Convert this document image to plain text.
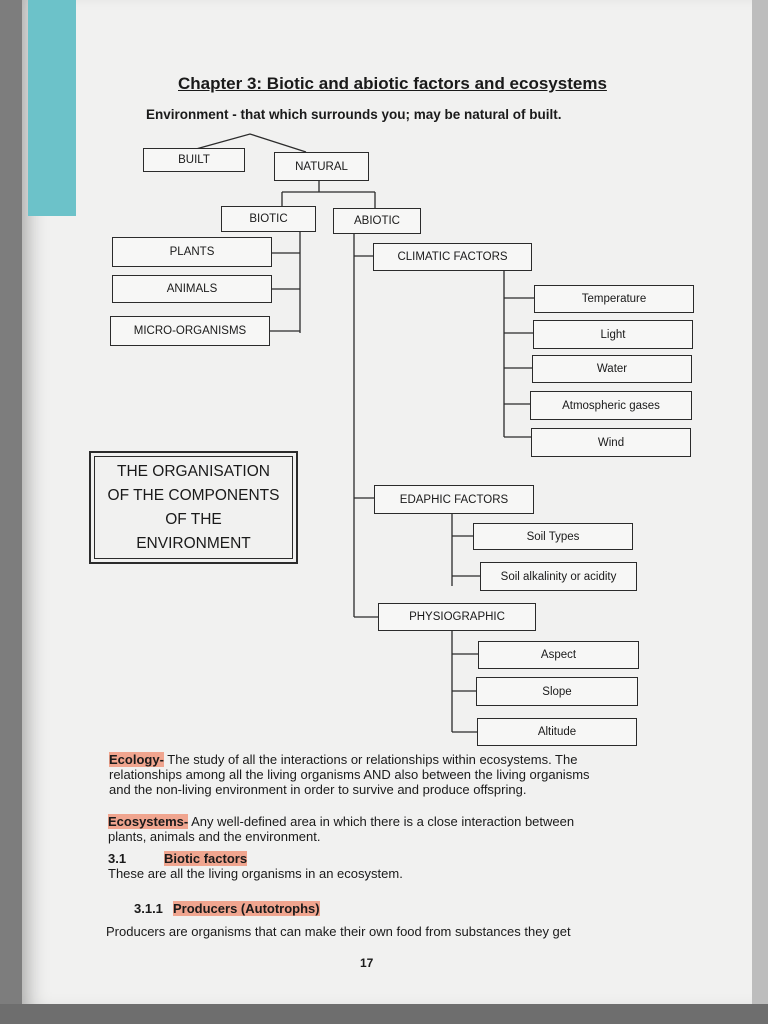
Chapter 3: Biotic and abiotic factors and ecosystems
Environment - that which surrounds you; may be natural of built.
BUILT
NATURAL
BIOTIC	ABIOTIC
PLANTS
ANIMALS
MICRO-ORGANISMS
CLIMATIC FACTORS
Temperature
Light
Water
Atmospheric gases
Wind
THE ORGANISATION
OF THE COMPONENTS
OF THE
ENVIRONMENT
EDAPHIC FACTORS
Soil Types
Soil alkalinity or acidity
PHYSIOGRAPHIC
Aspect
Slope
Altitude
Ecology- The study of all the interactions or relationships within ecosystems. The
relationships among all the living organisms AND also between the living organisms
and the non-living environment in order to survive and produce offspring.
Ecosystems- Any well-defined area in which there is a close interaction between
plants, animals and the environment.
3.1	Biotic factors
These are all the living organisms in an ecosystem.
3.1.1 Producers (Autotrophs)
Producers are organisms that can make their own food from substances they get
17
